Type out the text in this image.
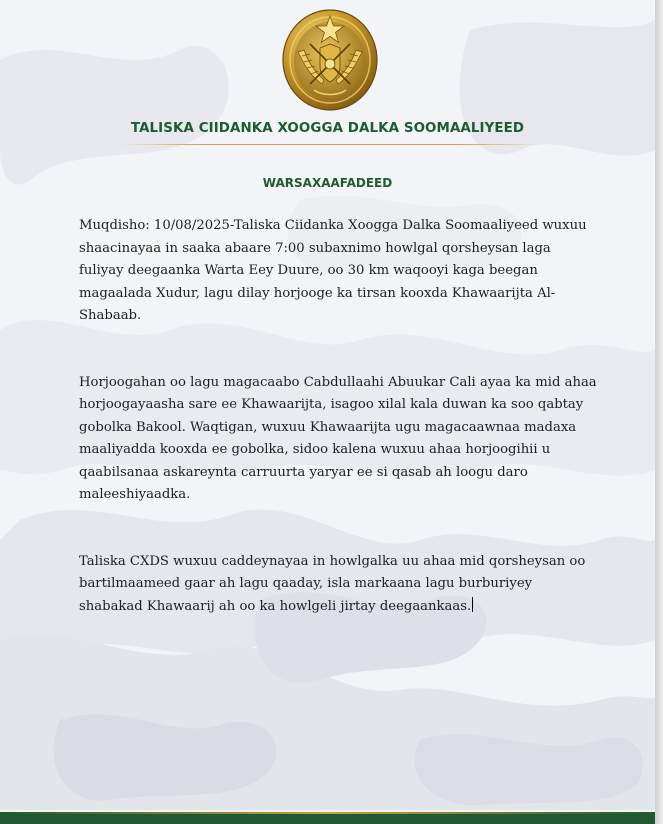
TALISKA CIIDANKA XOOGGA DALKA SOOMAALIYEED
WARSAXAAFADEED

Muqdisho: 10/08/2025-Taliska Ciidanka Xoogga Dalka Soomaaliyeed wuxuu shaacinayaa in saaka abaare 7:00 subaxnimo howlgal qorsheysan laga fuliyay deegaanka Warta Eey Duure, oo 30 km waqooyi kaga beegan magaalada Xudur, lagu dilay horjooge ka tirsan kooxda Khawaarijta Al-Shabaab.

Horjoogahan oo lagu magacaabo Cabdullaahi Abuukar Cali ayaa ka mid ahaa horjoogayaasha sare ee Khawaarijta, isagoo xilal kala duwan ka soo qabtay gobolka Bakool. Waqtigan, wuxuu Khawaarijta ugu magacaawnaa madaxa maaliyadda kooxda ee gobolka, sidoo kalena wuxuu ahaa horjoogihii u qaabilsanaa askareynta carruurta yaryar ee si qasab ah loogu daro maleeshiyaadka.

Taliska CXDS wuxuu caddeynayaa in howlgalka uu ahaa mid qorsheysan oo bartilmaameed gaar ah lagu qaaday, isla markaana lagu burburiyey shabakad Khawaarij ah oo ka howlgeli jirtay deegaankaas.
